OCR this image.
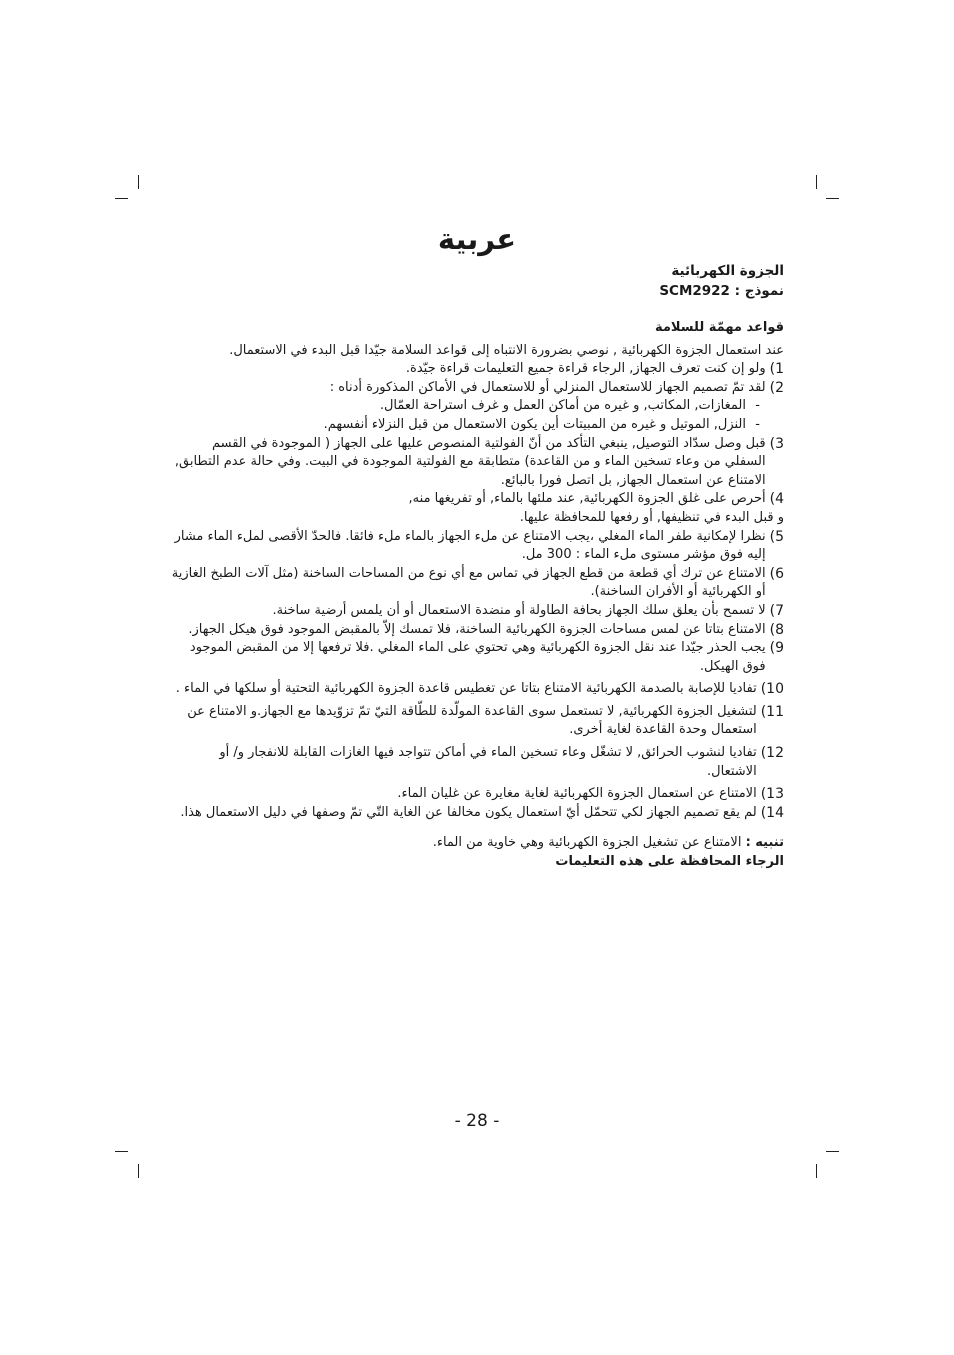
عربية
الجزوة الكهربائية
نموذج : SCM2922
قواعد مهمّة للسلامة
عند استعمال الجزوة الكهربائية , نوصي بضرورة الانتباه إلى قواعد السلامة جيّدا قبل البدء في الاستعمال.
1)
ولو إن كنت تعرف الجهاز, الرجاء قراءة جميع التعليمات قراءة جيّدة.
2)
لقد تمّ تصميم الجهاز للاستعمال المنزلي أو للاستعمال في الأماكن المذكورة أدناه :
-
المغازات, المكاتب, و غيره من أماكن العمل و غرف استراحة العمّال.
-
النزل, الموتيل و غيره من المبيتات أين يكون الاستعمال من قبل النزلاء أنفسهم.
3)
قبل وصل سدّاد التوصيل, ينبغي التأكد من أنّ الفولتية المنصوص عليها على الجهاز ( الموجودة في القسم السفلي من وعاء تسخين الماء و من القاعدة) متطابقة مع الفولتية الموجودة في البيت. وفي حالة عدم التطابق, الامتناع عن استعمال الجهاز, بل اتصل فورا بالبائع.
4)
أحرص على غلق الجزوة الكهربائية, عند ملئها بالماء, أو تفريغها منه,
و قبل البدء في تنظيفها, أو رفعها للمحافظة عليها.
5)
نظرا لإمكانية طفر الماء المغلي ،يجب الامتناع عن ملء الجهاز بالماء ملء فائقا. فالحدّ الأقصى لملء الماء مشار إليه فوق مؤشر مستوى ملء الماء : 300 مل.
6)
الامتناع عن ترك أي قطعة من قطع الجهاز في تماس مع أي نوع من المساحات الساخنة (مثل آلات الطبخ الغازية أو الكهربائية أو الأفران الساخنة).
7)
لا تسمح بأن يعلق سلك الجهاز بحافة الطاولة أو منضدة الاستعمال أو أن يلمس أرضية ساخنة.
8)
الامتناع بتاتا عن لمس مساحات الجزوة الكهربائية الساخنة، فلا تمسك إلاّ بالمقبض الموجود فوق هيكل الجهاز.
9)
يجب الحذر جيّدا عند نقل الجزوة الكهربائية وهي تحتوي على الماء المغلي .فلا ترفعها إلا من المقبض الموجود فوق الهيكل.
10)
تفاديا للإصابة بالصدمة الكهربائية الامتناع بتاتا عن تغطيس قاعدة الجزوة الكهربائية التحتية أو سلكها في الماء .
11)
لتشغيل الجزوة الكهربائية, لا تستعمل سوى القاعدة المولّدة للطّاقة التيّ تمّ تزوّيدها مع الجهاز.و الامتناع عن استعمال وحدة القاعدة لغاية أخرى.
12)
تفاديا لنشوب الحرائق, لا تشغّل وعاء تسخين الماء في أماكن تتواجد فيها الغازات القابلة للانفجار و/ أو الاشتعال.
13)
الامتناع عن استعمال الجزوة الكهربائية لغاية مغايرة عن غليان الماء.
14)
لم يقع تصميم الجهاز لكي تتحمّل أيّ استعمال يكون مخالفا عن الغاية التّي تمّ وصفها في دليل الاستعمال هذا.
تنبيه : الامتناع عن تشغيل الجزوة الكهربائية وهي خاوية من الماء.
الرجاء المحافظة على هذه التعليمات
- 28 -
